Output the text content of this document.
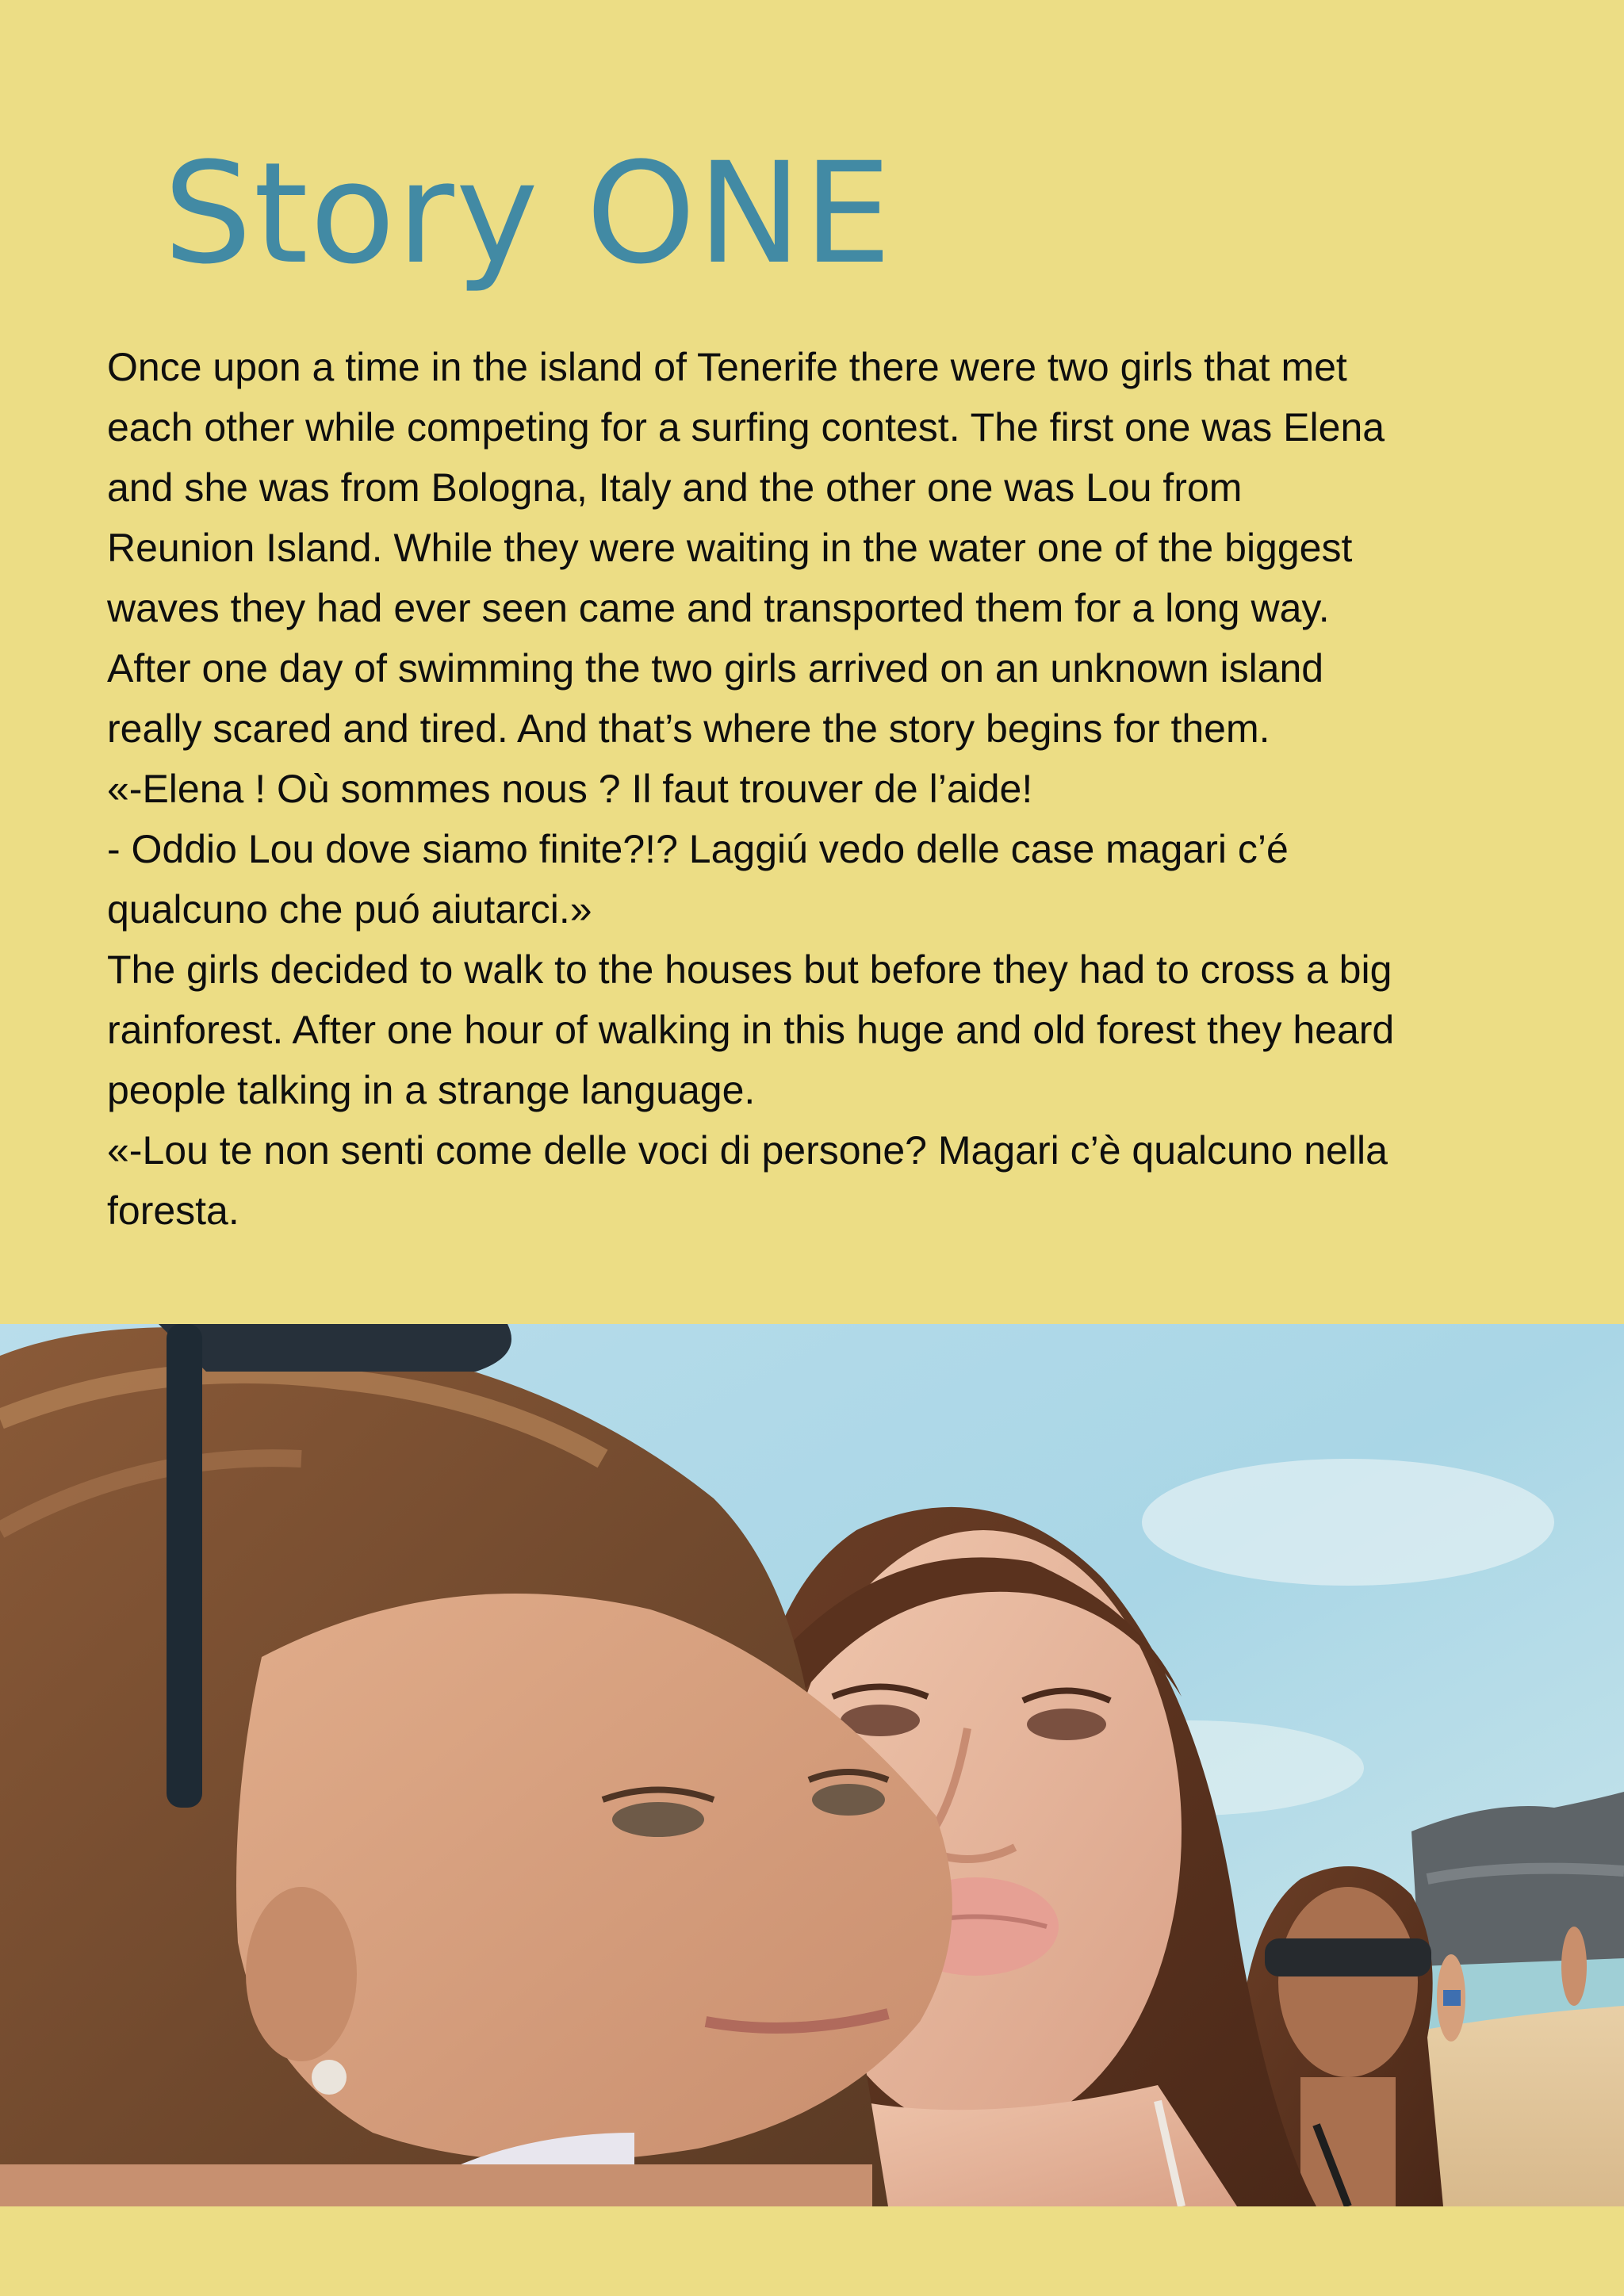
Story ONE

Once upon a time in the island of Tenerife there were two girls that met

each other while competing for a surfing contest. The first one was Elena

and she was from Bologna, Italy and the other one was Lou from

Reunion Island. While they were waiting in the water one of the biggest

waves they had ever seen came and transported them for a long way.

After one day of swimming the two girls arrived on an unknown island

really scared and tired. And that’s where the story begins for them.

«-Elena ! Où sommes nous ? Il faut trouver de l’aide!

- Oddio Lou dove siamo finite?!? Laggiú vedo delle case magari c’é

qualcuno che puó aiutarci.»

The girls decided to walk to the houses but before they had to cross a big

rainforest. After one hour of walking in this huge and old forest they heard

people talking in a strange language.

«-Lou te non senti come delle voci di persone? Magari c’è qualcuno nella

foresta.
